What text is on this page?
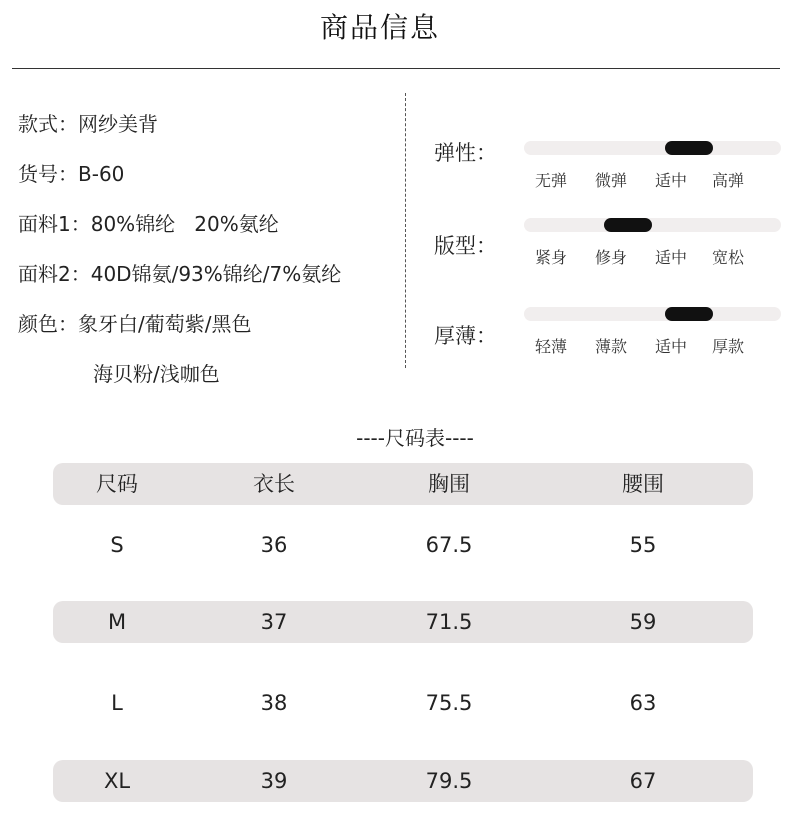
商品信息
款式：网纱美背
货号：B-60
面料1：80%锦纶   20%氨纶
面料2：40D锦氨/93%锦纶/7%氨纶
颜色：象牙白/葡萄紫/黑色
海贝粉/浅咖色
弹性：
无弹	微弹	适中	高弹
版型：	紧身	修身	适中	宽松
厚薄：	轻薄	薄款	适中	厚款
----尺码表----
尺码	衣长	胸围	腰围
S	36	67.5	55
M	37	71.5	59
L	38	75.5	63
XL	39	79.5	67
